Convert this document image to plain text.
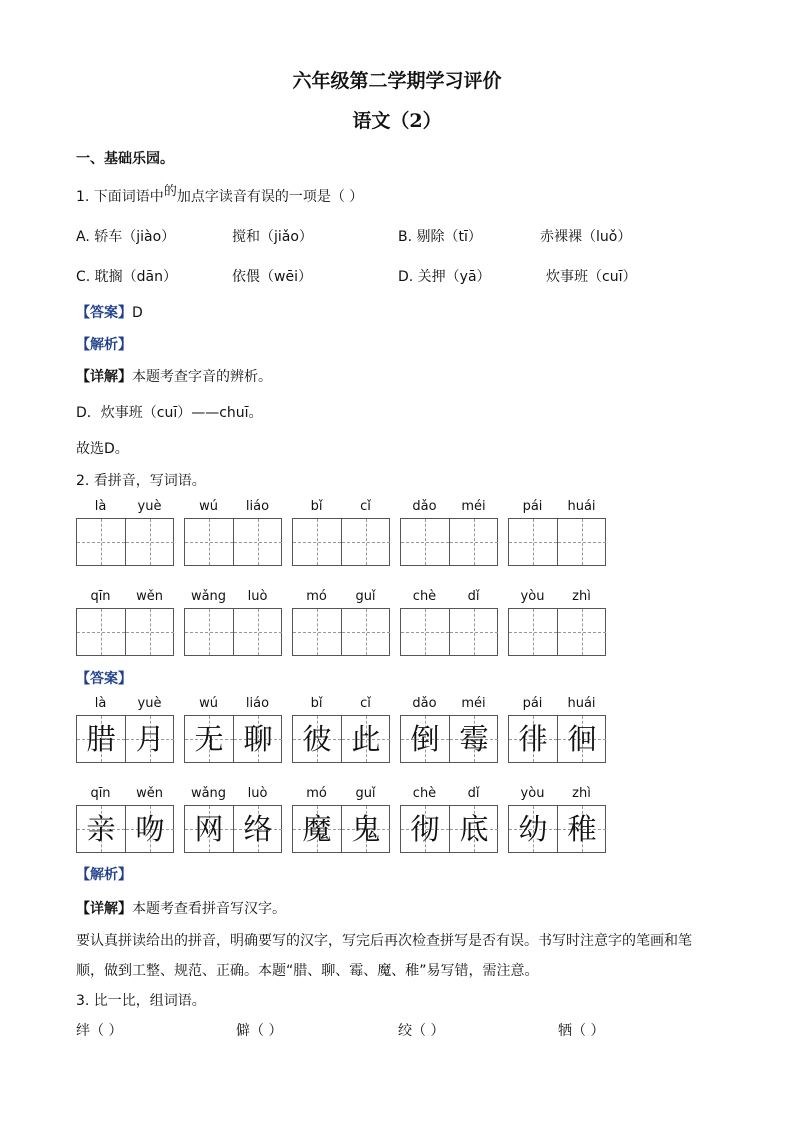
六年级第二学期学习评价
语文（2）
一、基础乐园。
1. 下面词语中的加点字读音有误的一项是（ ）
A. 轿车（jiào）	搅和（jiǎo）	B. 剔除（tī）	赤裸裸（luǒ）
C. 耽搁（dān）	依偎（wēi）	D. 关押（yā）	炊事班（cuī）
【答案】D
【解析】
【详解】本题考查字音的辨析。
D．炊事班（cuī）——chuī。
故选D。
2. 看拼音，写词语。
là	yuè	wú	liáo	bǐ	cǐ	dǎo	méi	pái	huái
qīn	wěn	wǎng	luò	mó	guǐ	chè	dǐ	yòu	zhì
【答案】
là	yuè
腊 月
wú	liáo
无 聊
bǐ	cǐ
彼 此
dǎo	méi
倒 霉
pái	huái
徘 徊
qīn	wěn
亲 吻
wǎng	luò
网 络
mó	guǐ
魔 鬼
chè	dǐ
彻 底
yòu	zhì
幼 稚
【解析】
【详解】本题考查看拼音写汉字。
要认真拼读给出的拼音，明确要写的汉字，写完后再次检查拼写是否有误。书写时注意字的笔画和笔
顺，做到工整、规范、正确。本题“腊、聊、霉、魔、稚”易写错，需注意。
3. 比一比，组词语。
绊（ ）	僻（ ）	绞（ ）	牺（ ）
